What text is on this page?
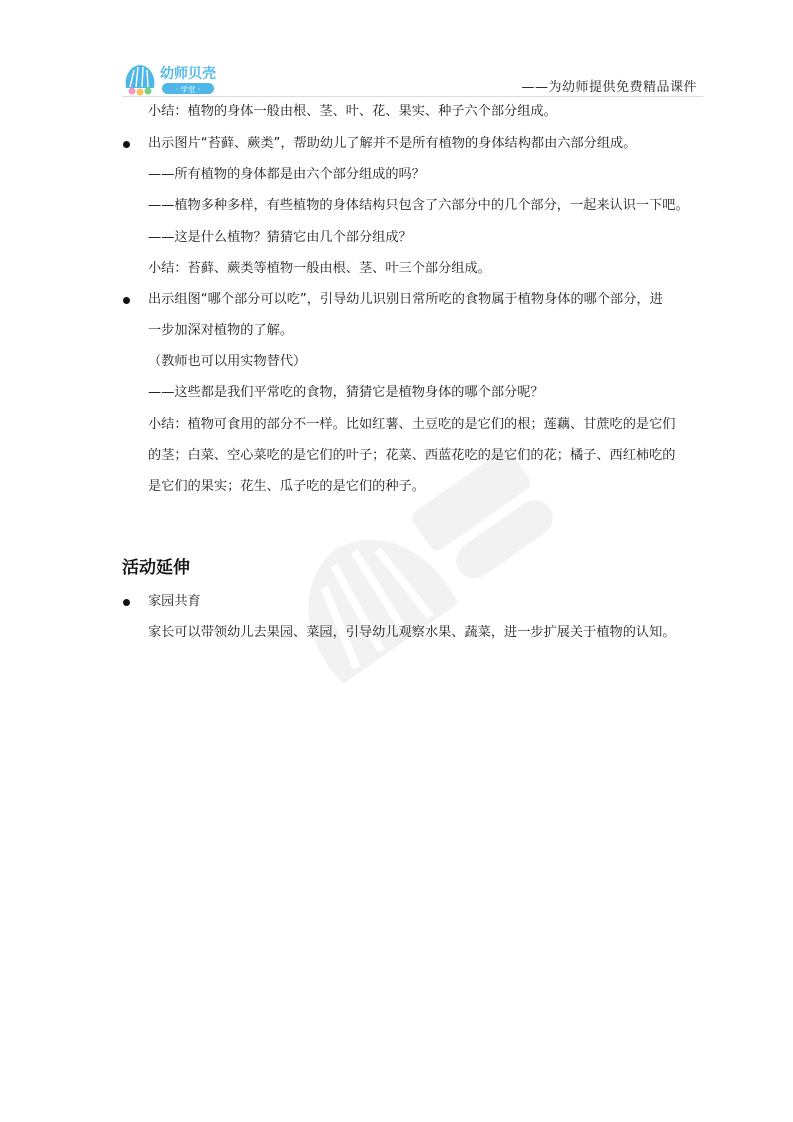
幼师贝壳
· 学堂 ·	——为幼师提供免费精品课件
小结：植物的身体一般由根、茎、叶、花、果实、种子六个部分组成。
出示图片“苔藓、蕨类”，帮助幼儿了解并不是所有植物的身体结构都由六部分组成。
——所有植物的身体都是由六个部分组成的吗？
——植物多种多样，有些植物的身体结构只包含了六部分中的几个部分，一起来认识一下吧。
——这是什么植物？猜猜它由几个部分组成？
小结：苔藓、蕨类等植物一般由根、茎、叶三个部分组成。
出示组图“哪个部分可以吃”，引导幼儿识别日常所吃的食物属于植物身体的哪个部分，进
一步加深对植物的了解。
（教师也可以用实物替代）
——这些都是我们平常吃的食物，猜猜它是植物身体的哪个部分呢？
小结：植物可食用的部分不一样。比如红薯、土豆吃的是它们的根；莲藕、甘蔗吃的是它们
的茎；白菜、空心菜吃的是它们的叶子；花菜、西蓝花吃的是它们的花；橘子、西红柿吃的
是它们的果实；花生、瓜子吃的是它们的种子。
活动延伸
家园共育
家长可以带领幼儿去果园、菜园，引导幼儿观察水果、蔬菜，进一步扩展关于植物的认知。
